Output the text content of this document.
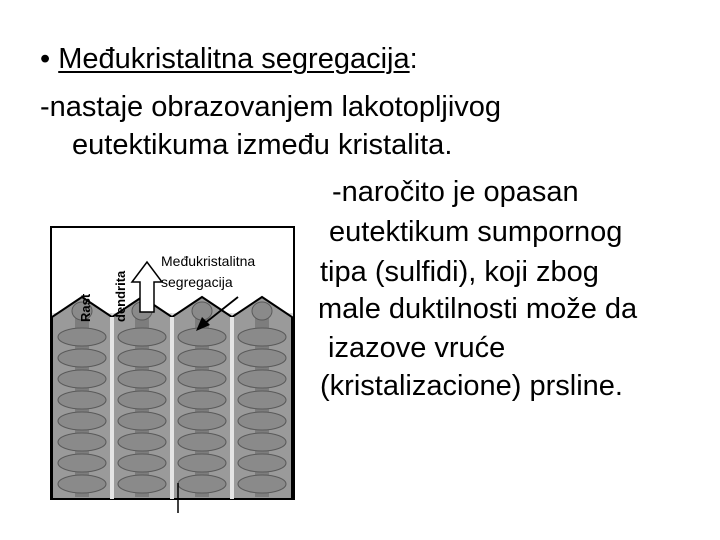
• Međukristalitna segregacija:
-nastaje obrazovanjem lakotopljivog
eutektikuma između kristalita.
-naročito je opasan
eutektikum sumpornog
tipa (sulfidi), koji zbog
male duktilnosti može da
izazove vruće
(kristalizacione) prsline.
Rast dendrita
Međukristalitna
segregacija
